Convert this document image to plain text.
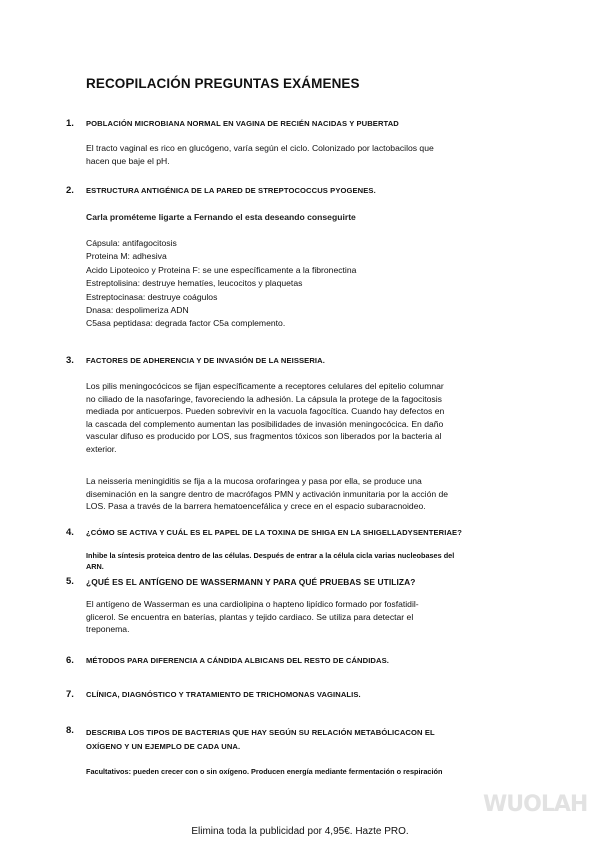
RECOPILACIÓN PREGUNTAS EXÁMENES
1. POBLACIÓN MICROBIANA NORMAL EN VAGINA DE RECIÉN NACIDAS Y PUBERTAD
El tracto vaginal es rico en glucógeno, varía según el ciclo. Colonizado por lactobacilos que
hacen que baje el pH.
2. ESTRUCTURA ANTIGÉNICA DE LA PARED DE STREPTOCOCCUS PYOGENES.
Carla prométeme ligarte a Fernando el esta deseando conseguirte
Cápsula: antifagocitosis
Proteina M: adhesiva
Acido Lipoteoico y Proteina F: se une específicamente a la fibronectina
Estreptolisina: destruye hematíes, leucocitos y plaquetas
Estreptocinasa: destruye coágulos
Dnasa: despolimeriza ADN
C5asa peptidasa: degrada factor C5a complemento.
3. FACTORES DE ADHERENCIA Y DE INVASIÓN DE LA NEISSERIA.
Los pilis meningocócicos se fijan específicamente a receptores celulares del epitelio columnar
no ciliado de la nasofaringe, favoreciendo la adhesión. La cápsula la protege de la fagocitosis
mediada por anticuerpos. Pueden sobrevivir en la vacuola fagocítica. Cuando hay defectos en
la cascada del complemento aumentan las posibilidades de invasión meningocócica. En daño
vascular difuso es producido por LOS, sus fragmentos tóxicos son liberados por la bacteria al
exterior.
La neisseria meningiditis se fija a la mucosa orofaringea y pasa por ella, se produce una
diseminación en la sangre dentro de macrófagos PMN y activación inmunitaria por la acción de
LOS. Pasa a través de la barrera hematoencefálica y crece en el espacio subaracnoideo.
4. ¿CÓMO SE ACTIVA Y CUÁL ES EL PAPEL DE LA TOXINA DE SHIGA EN LA SHIGELLADYSENTERIAE?
Inhibe la síntesis proteica dentro de las células. Después de entrar a la célula cicla varias nucleobases del
ARN.
5. ¿QUÉ ES EL ANTÍGENO DE WASSERMANN Y PARA QUÉ PRUEBAS SE UTILIZA?
El antígeno de Wasserman es una cardiolipina o hapteno lipídico formado por fosfatidil-
glicerol. Se encuentra en baterías, plantas y tejido cardiaco. Se utiliza para detectar el
treponema.
6. MÉTODOS PARA DIFERENCIA A CÁNDIDA ALBICANS DEL RESTO DE CÁNDIDAS.
7. CLÍNICA, DIAGNÓSTICO Y TRATAMIENTO DE TRICHOMONAS VAGINALIS.
8. DESCRIBA LOS TIPOS DE BACTERIAS QUE HAY SEGÚN SU RELACIÓN METABÓLICACON EL
OXÍGENO Y UN EJEMPLO DE CADA UNA.
Facultativos: pueden crecer con o sin oxígeno. Producen energía mediante fermentación o respiración
WUOLAH
Elimina toda la publicidad por 4,95€. Hazte PRO.
